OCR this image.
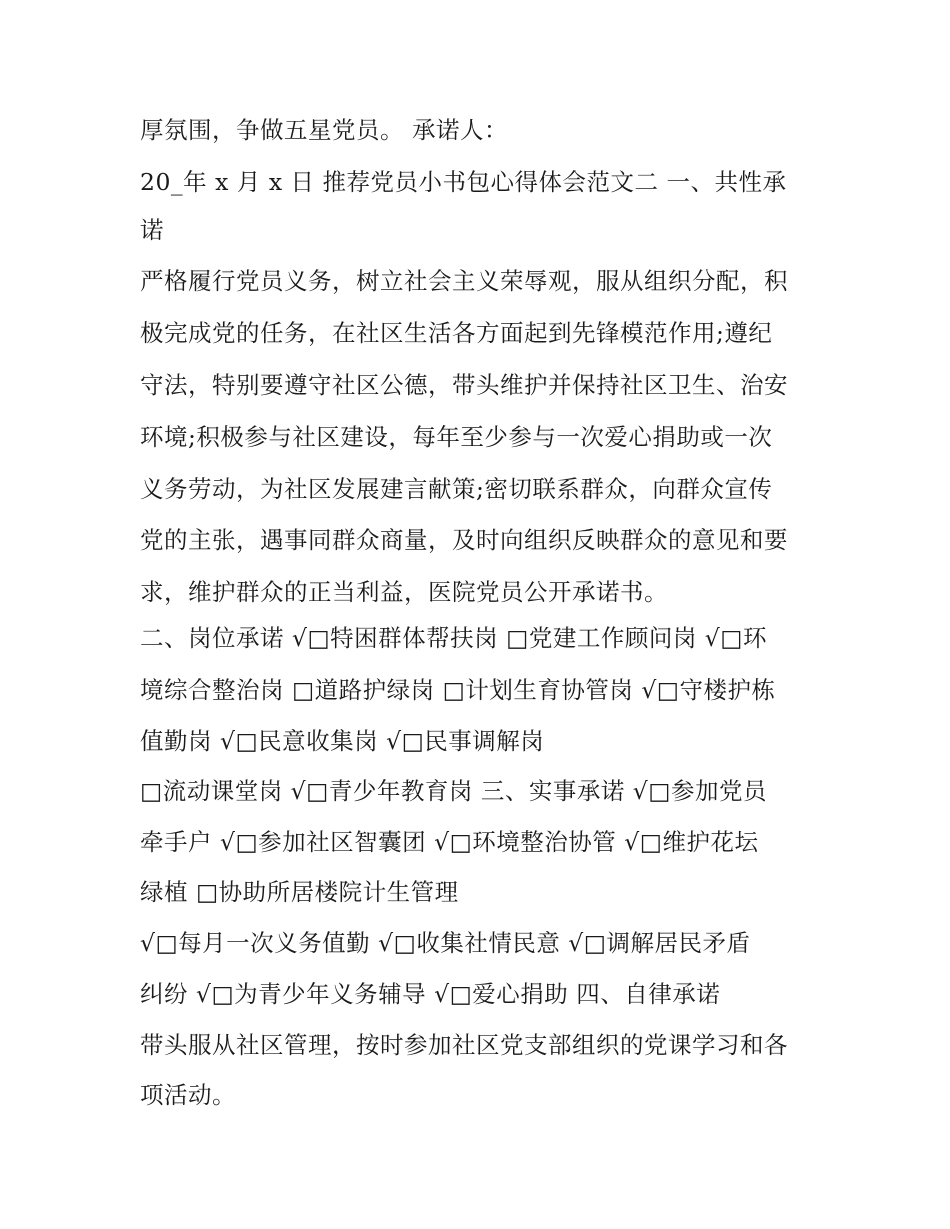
厚氛围，争做五星党员。 承诺人：
20_年 x 月 x 日 推荐党员小书包心得体会范文二 一、共性承
诺
严格履行党员义务，树立社会主义荣辱观，服从组织分配，积
极完成党的任务，在社区生活各方面起到先锋模范作用;遵纪
守法，特别要遵守社区公德，带头维护并保持社区卫生、治安
环境;积极参与社区建设，每年至少参与一次爱心捐助或一次
义务劳动，为社区发展建言献策;密切联系群众，向群众宣传
党的主张，遇事同群众商量，及时向组织反映群众的意见和要
求，维护群众的正当利益，医院党员公开承诺书。
二、岗位承诺 √□特困群体帮扶岗 □党建工作顾问岗 √□环
境综合整治岗 □道路护绿岗 □计划生育协管岗 √□守楼护栋
值勤岗 √□民意收集岗 √□民事调解岗
□流动课堂岗 √□青少年教育岗 三、实事承诺 √□参加党员
牵手户 √□参加社区智囊团 √□环境整治协管 √□维护花坛
绿植 □协助所居楼院计生管理
√□每月一次义务值勤 √□收集社情民意 √□调解居民矛盾
纠纷 √□为青少年义务辅导 √□爱心捐助 四、自律承诺
带头服从社区管理，按时参加社区党支部组织的党课学习和各
项活动。
